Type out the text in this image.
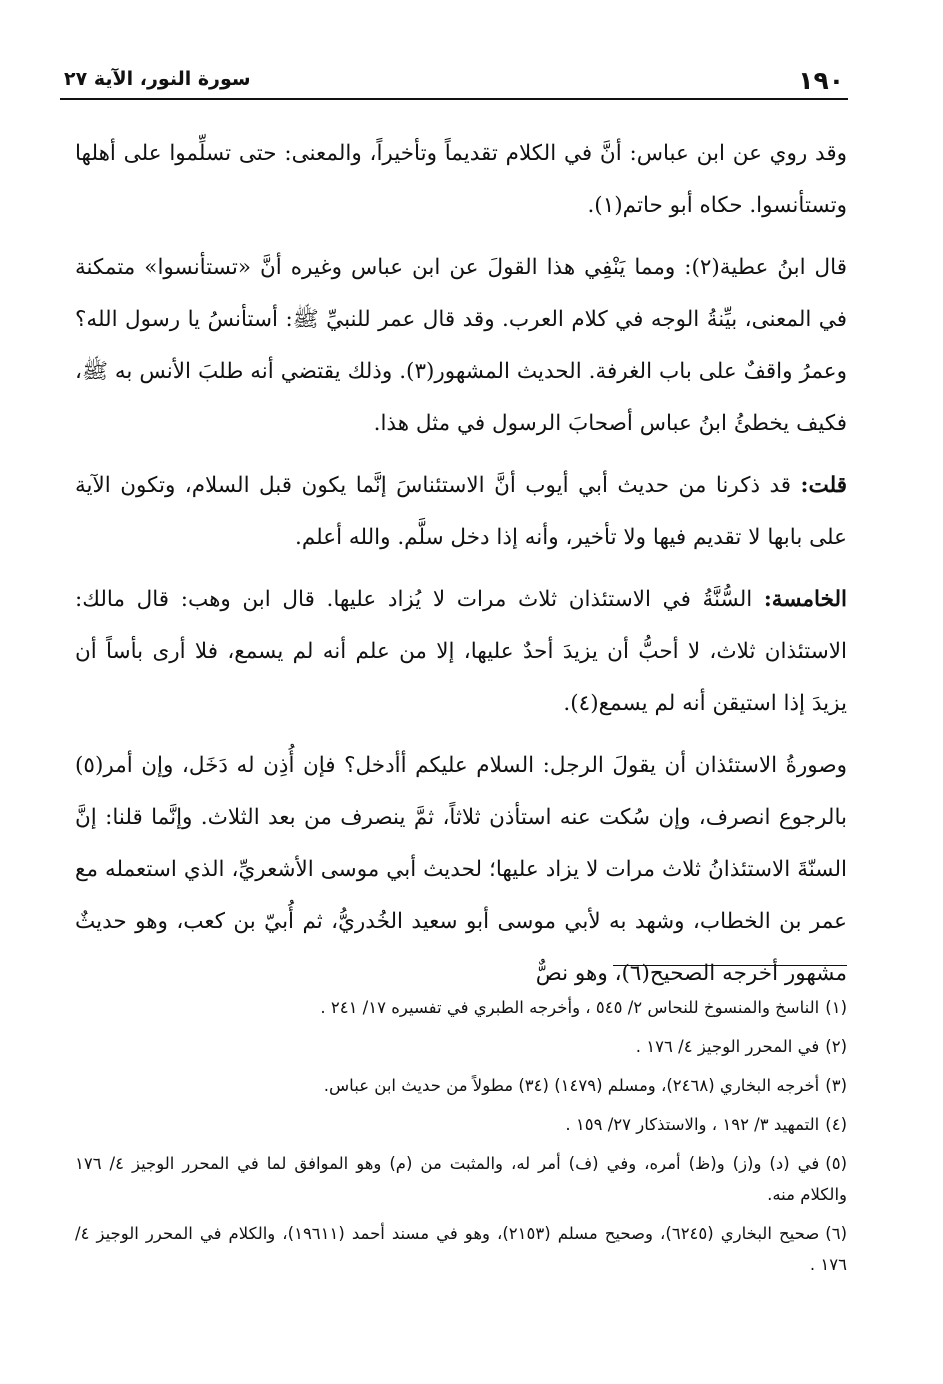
١٩٠
سورة النور، الآية ٢٧

وقد روي عن ابن عباس: أنَّ في الكلام تقديماً وتأخيراً، والمعنى: حتى تسلِّموا على أهلها وتستأنسوا. حكاه أبو حاتم(١).

قال ابنُ عطية(٢): ومما يَنْفِي هذا القولَ عن ابن عباس وغيره أنَّ «تستأنسوا» متمكنة في المعنى، بيِّنةُ الوجه في كلام العرب. وقد قال عمر للنبيِّ ﷺ: أستأنسُ يا رسول الله؟ وعمرُ واقفٌ على باب الغرفة. الحديث المشهور(٣). وذلك يقتضي أنه طلبَ الأنس به ﷺ، فكيف يخطئُ ابنُ عباس أصحابَ الرسول في مثل هذا.

قلت: قد ذكرنا من حديث أبي أيوب أنَّ الاستئناسَ إنَّما يكون قبل السلام، وتكون الآية على بابها لا تقديم فيها ولا تأخير، وأنه إذا دخل سلَّم. والله أعلم.

الخامسة: السُّنَّةُ في الاستئذان ثلاث مرات لا يُزاد عليها. قال ابن وهب: قال مالك: الاستئذان ثلاث، لا أحبُّ أن يزيدَ أحدٌ عليها، إلا من علم أنه لم يسمع، فلا أرى بأساً أن يزيدَ إذا استيقن أنه لم يسمع(٤).

وصورةُ الاستئذان أن يقولَ الرجل: السلام عليكم أأدخل؟ فإن أُذِن له دَخَل، وإن أمر(٥) بالرجوع انصرف، وإن سُكت عنه استأذن ثلاثاً، ثمَّ ينصرف من بعد الثلاث. وإنَّما قلنا: إنَّ السنّةَ الاستئذانُ ثلاث مرات لا يزاد عليها؛ لحديث أبي موسى الأشعريِّ، الذي استعمله مع عمر بن الخطاب، وشهد به لأبي موسى أبو سعيد الخُدريُّ، ثم أُبيّ بن كعب، وهو حديثٌ مشهور أخرجه الصحيح(٦)، وهو نصٌّ

(١)الناسخ والمنسوخ للنحاس ٢/ ٥٤٥ ، وأخرجه الطبري في تفسيره ١٧/ ٢٤١ .

(٢)في المحرر الوجيز ٤/ ١٧٦ .

(٣)أخرجه البخاري (٢٤٦٨)، ومسلم (١٤٧٩) (٣٤) مطولاً من حديث ابن عباس.

(٤)التمهيد ٣/ ١٩٢ ، والاستذكار ٢٧/ ١٥٩ .

(٥)في (د) و(ز) و(ظ) أمره، وفي (ف) أمر له، والمثبت من (م) وهو الموافق لما في المحرر الوجيز ٤/ ١٧٦ والكلام منه.

(٦)صحيح البخاري (٦٢٤٥)، وصحيح مسلم (٢١٥٣)، وهو في مسند أحمد (١٩٦١١)، والكلام في المحرر الوجيز ٤/ ١٧٦ .
